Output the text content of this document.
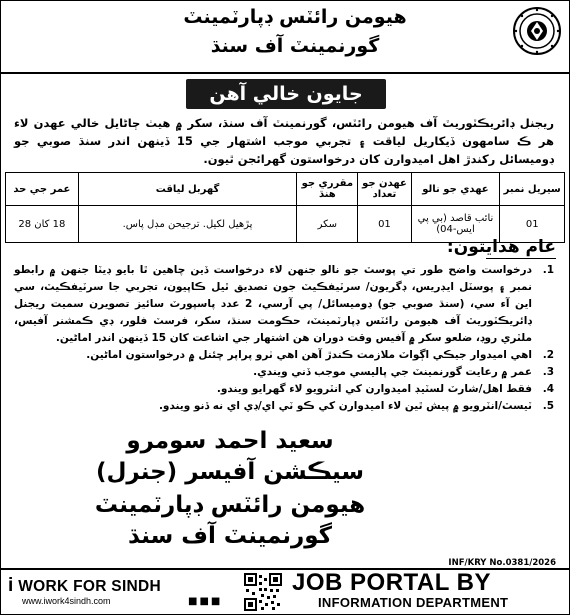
هيومن رائٽس ڊپارٽمينٽ
گورنمينٽ آف سنڌ
جايون خالي آهن
ريجنل ڊائريڪٽوريٽ آف هيومن رائٽس، گورنمينٽ آف سنڌ، سکر ۾ هيٺ ڄاڻايل خالي عهدن لاء هر ڪ سامهون ڏيکاريل لياقت ۽ تجربي موجب اشتهار جي 15 ڏينهن اندر سنڌ صوبي جو ڊوميسائل رکندڙ اهل اميدوارن کان درخواستون گهرائجن ٿيون.
سيريل نمبر	عهدي جو نالو	عهدن جو تعداد	مقرري جو هنڌ	گهربل لياقت	عمر جي حد
01	نائب قاصد (بي پي ايس-04)	01	سکر	پڙهيل لکيل. ترجيحن مڊل پاس.	18 کان 28
عام هدايتون:
1.
درخواست واضح طور تي پوسٽ جو نالو جنهن لاء درخواست ڏين چاهين ٿا بايو ڊيٽا جنهن ۾ رابطو نمبر ۽ پوسٽل ايڊريس، ڊگريون/ سرٽيفڪيٽ جون تصديق ٿيل ڪاپيون، تجربي جا سرٽيفڪيٽ، سي اين آء سي، (سنڌ صوبي جو) ڊوميسائل/ پي آرسي، 2 عدد پاسپورٽ سائيز تصويرن سميت ريجنل ڊائريڪٽوريٽ آف هيومن رائٽس ڊپارٽمينٽ، حڪومت سنڌ، سکر، فرسٽ فلور، ڊي ڪمشنر آفيس، ملٽري روڊ، ضلعو سکر ۾ آفيس وقت دوران هن اشتهار جي اشاعت کان 15 ڏينهن اندر اماڻين.
2.
اهي اميدوار جيڪي اڳواٽ ملازمت ڪندڙ آهن اهي ٺرو پراپر چئنل ۾ درخواستون اماڻين.
3.
عمر ۾ رعايت گورنمينٽ جي پاليسي موجب ڏني ويندي.
4.
فقط اهل/شارٽ لسٽيڊ اميدوارن کي انٽرويو لاء گهرايو ويندو.
5.
ٽيسٽ/انٽرويو ۾ پيش ٿين لاء اميدوارن کي ڪو ٽي اي/ڊي اي نه ڏنو ويندو.
سعيد احمد سومرو
سيڪشن آفيسر (جنرل)
هيومن رائٽس ڊپارٽمينٽ
گورنمينٽ آف سنڌ
INF/KRY No.0381/2026
i WORK FOR SINDH
www.iwork4sindh.com	■■■
JOB PORTAL BY
INFORMATION DEPARTMENT
